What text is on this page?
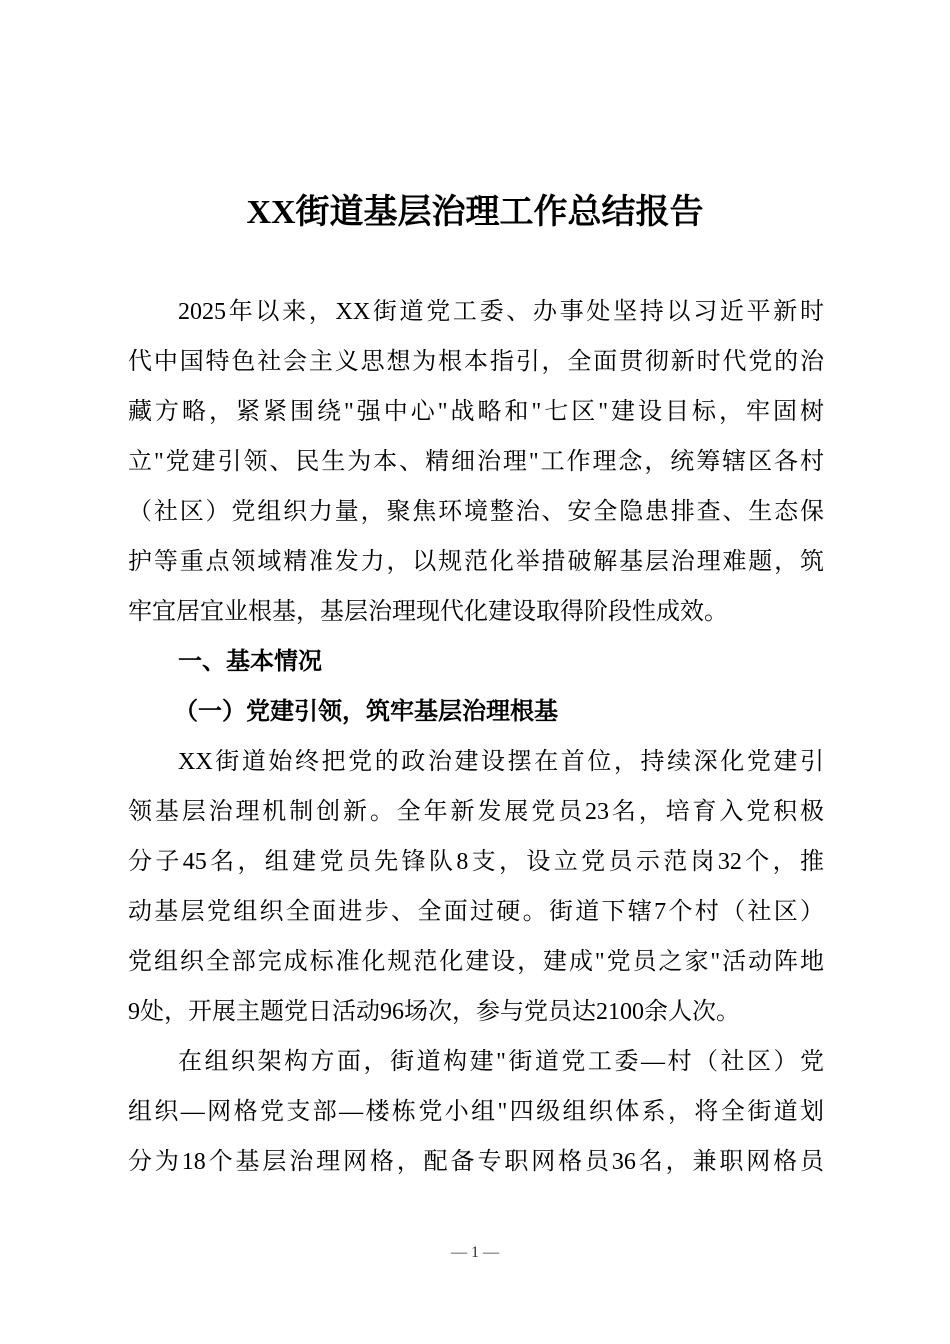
XX街道基层治理工作总结报告
2025年以来，XX街道党工委、办事处坚持以习近平新时
代中国特色社会主义思想为根本指引，全面贯彻新时代党的治
藏方略，紧紧围绕"强中心"战略和"七区"建设目标，牢固树
立"党建引领、民生为本、精细治理"工作理念，统筹辖区各村
（社区）党组织力量，聚焦环境整治、安全隐患排查、生态保
护等重点领域精准发力，以规范化举措破解基层治理难题，筑
牢宜居宜业根基，基层治理现代化建设取得阶段性成效。
一、基本情况
（一）党建引领，筑牢基层治理根基
XX街道始终把党的政治建设摆在首位，持续深化党建引
领基层治理机制创新。全年新发展党员23名，培育入党积极
分子45名，组建党员先锋队8支，设立党员示范岗32个，推
动基层党组织全面进步、全面过硬。街道下辖7个村（社区）
党组织全部完成标准化规范化建设，建成"党员之家"活动阵地
9处，开展主题党日活动96场次，参与党员达2100余人次。
在组织架构方面，街道构建"街道党工委—村（社区）党
组织—网格党支部—楼栋党小组"四级组织体系，将全街道划
分为18个基层治理网格，配备专职网格员36名，兼职网格员
— 1 —
